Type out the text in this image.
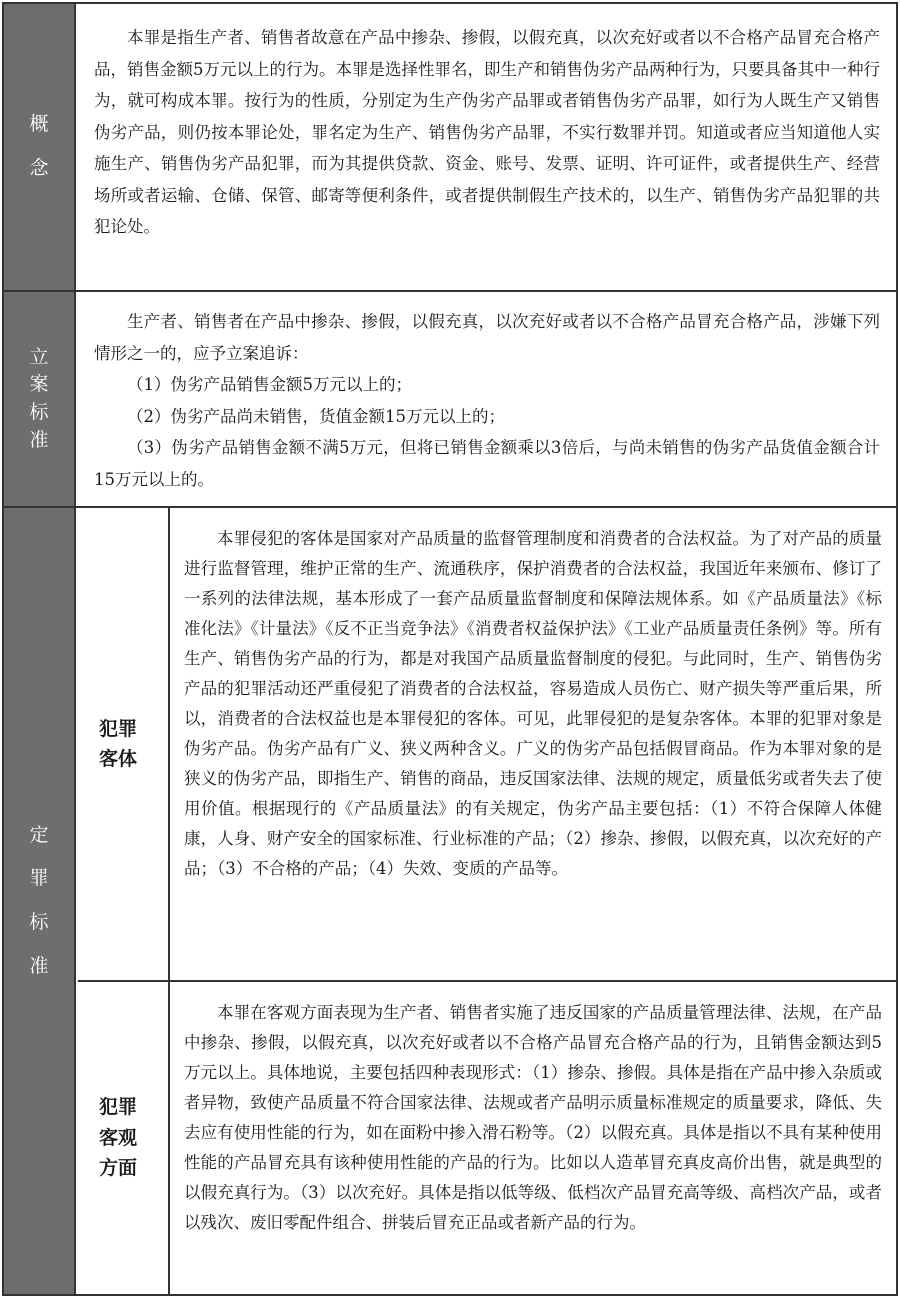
概念

本罪是指生产者、销售者故意在产品中掺杂、掺假，以假充真，以次充好或者以不合格产品冒充合格产品，销售金额5万元以上的行为。本罪是选择性罪名，即生产和销售伪劣产品两种行为，只要具备其中一种行为，就可构成本罪。按行为的性质，分别定为生产伪劣产品罪或者销售伪劣产品罪，如行为人既生产又销售伪劣产品，则仍按本罪论处，罪名定为生产、销售伪劣产品罪，不实行数罪并罚。知道或者应当知道他人实施生产、销售伪劣产品犯罪，而为其提供贷款、资金、账号、发票、证明、许可证件，或者提供生产、经营场所或者运输、仓储、保管、邮寄等便利条件，或者提供制假生产技术的，以生产、销售伪劣产品犯罪的共犯论处。

立案标准

生产者、销售者在产品中掺杂、掺假，以假充真，以次充好或者以不合格产品冒充合格产品，涉嫌下列情形之一的，应予立案追诉：

（1）伪劣产品销售金额5万元以上的；

（2）伪劣产品尚未销售，货值金额15万元以上的；

（3）伪劣产品销售金额不满5万元，但将已销售金额乘以3倍后，与尚未销售的伪劣产品货值金额合计15万元以上的。

定罪标准
犯罪客体

本罪侵犯的客体是国家对产品质量的监督管理制度和消费者的合法权益。为了对产品的质量进行监督管理，维护正常的生产、流通秩序，保护消费者的合法权益，我国近年来颁布、修订了一系列的法律法规，基本形成了一套产品质量监督制度和保障法规体系。如《产品质量法》《标准化法》《计量法》《反不正当竞争法》《消费者权益保护法》《工业产品质量责任条例》等。所有生产、销售伪劣产品的行为，都是对我国产品质量监督制度的侵犯。与此同时，生产、销售伪劣产品的犯罪活动还严重侵犯了消费者的合法权益，容易造成人员伤亡、财产损失等严重后果，所以，消费者的合法权益也是本罪侵犯的客体。可见，此罪侵犯的是复杂客体。本罪的犯罪对象是伪劣产品。伪劣产品有广义、狭义两种含义。广义的伪劣产品包括假冒商品。作为本罪对象的是狭义的伪劣产品，即指生产、销售的商品，违反国家法律、法规的规定，质量低劣或者失去了使用价值。根据现行的《产品质量法》的有关规定，伪劣产品主要包括：（1）不符合保障人体健康，人身、财产安全的国家标准、行业标准的产品；（2）掺杂、掺假，以假充真，以次充好的产品；（3）不合格的产品；（4）失效、变质的产品等。

犯罪客观方面

本罪在客观方面表现为生产者、销售者实施了违反国家的产品质量管理法律、法规，在产品中掺杂、掺假，以假充真，以次充好或者以不合格产品冒充合格产品的行为，且销售金额达到5万元以上。具体地说，主要包括四种表现形式：（1）掺杂、掺假。具体是指在产品中掺入杂质或者异物，致使产品质量不符合国家法律、法规或者产品明示质量标准规定的质量要求，降低、失去应有使用性能的行为，如在面粉中掺入滑石粉等。（2）以假充真。具体是指以不具有某种使用性能的产品冒充具有该种使用性能的产品的行为。比如以人造革冒充真皮高价出售，就是典型的以假充真行为。（3）以次充好。具体是指以低等级、低档次产品冒充高等级、高档次产品，或者以残次、废旧零配件组合、拼装后冒充正品或者新产品的行为。
